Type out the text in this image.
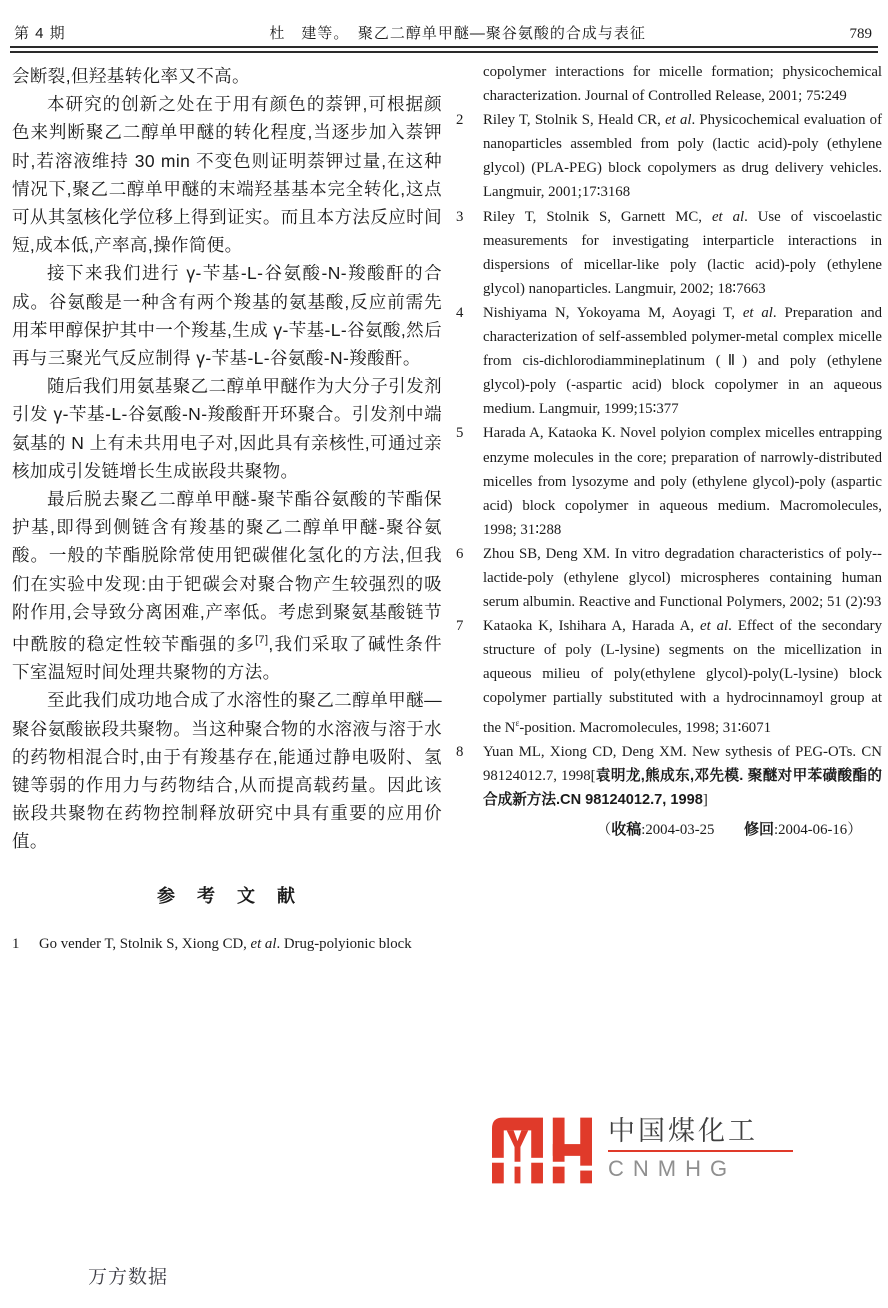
第 4 期	杜　建等。　聚乙二醇单甲醚—聚谷氨酸的合成与表征	789
会断裂,但羟基转化率又不高。
本研究的创新之处在于用有颜色的萘钾,可根据颜色来判断聚乙二醇单甲醚的转化程度,当逐步加入萘钾时,若溶液维持 30 min 不变色则证明萘钾过量,在这种情况下,聚乙二醇单甲醚的末端羟基基本完全转化,这点可从其氢核化学位移上得到证实。而且本方法反应时间短,成本低,产率高,操作简便。
接下来我们进行 γ-苄基-L-谷氨酸-N-羧酸酐的合成。谷氨酸是一种含有两个羧基的氨基酸,反应前需先用苯甲醇保护其中一个羧基,生成 γ-苄基-L-谷氨酸,然后再与三聚光气反应制得 γ-苄基-L-谷氨酸-N-羧酸酐。
随后我们用氨基聚乙二醇单甲醚作为大分子引发剂引发 γ-苄基-L-谷氨酸-N-羧酸酐开环聚合。引发剂中端氨基的 N 上有未共用电子对,因此具有亲核性,可通过亲核加成引发链增长生成嵌段共聚物。
最后脱去聚乙二醇单甲醚-聚苄酯谷氨酸的苄酯保护基,即得到侧链含有羧基的聚乙二醇单甲醚-聚谷氨酸。一般的苄酯脱除常使用钯碳催化氢化的方法,但我们在实验中发现:由于钯碳会对聚合物产生较强烈的吸附作用,会导致分离困难,产率低。考虑到聚氨基酸链节中酰胺的稳定性较苄酯强的多[7],我们采取了碱性条件下室温短时间处理共聚物的方法。
至此我们成功地合成了水溶性的聚乙二醇单甲醚—聚谷氨酸嵌段共聚物。当这种聚合物的水溶液与溶于水的药物相混合时,由于有羧基存在,能通过静电吸附、氢键等弱的作用力与药物结合,从而提高载药量。因此该嵌段共聚物在药物控制释放研究中具有重要的应用价值。
参　考　文　献
1	Go vender T, Stolnik S, Xiong CD, et al. Drug-polyionic block
copolymer interactions for micelle formation; physicochemical characterization. Journal of Controlled Release, 2001; 75∶249
2	Riley T, Stolnik S, Heald CR, et al. Physicochemical evaluation of nanoparticles assembled from poly (lactic acid)-poly (ethylene glycol) (PLA-PEG) block copolymers as drug delivery vehicles. Langmuir, 2001;17∶3168
3	Riley T, Stolnik S, Garnett MC, et al. Use of viscoelastic measurements for investigating interparticle interactions in dispersions of micellar-like poly (lactic acid)-poly (ethylene glycol) nanoparticles. Langmuir, 2002; 18∶7663
4	Nishiyama N, Yokoyama M, Aoyagi T, et al. Preparation and characterization of self-assembled polymer-metal complex micelle from cis-dichlorodiammineplatinum (Ⅱ) and poly (ethylene glycol)-poly (-aspartic acid) block copolymer in an aqueous medium. Langmuir, 1999;15∶377
5	Harada A, Kataoka K. Novel polyion complex micelles entrapping enzyme molecules in the core; preparation of narrowly-distributed micelles from lysozyme and poly (ethylene glycol)-poly (aspartic acid) block copolymer in aqueous medium. Macromolecules, 1998; 31∶288
6	Zhou SB, Deng XM. In vitro degradation characteristics of poly--lactide-poly (ethylene glycol) microspheres containing human serum albumin. Reactive and Functional Polymers, 2002; 51 (2)∶93
7	Kataoka K, Ishihara A, Harada A, et al. Effect of the secondary structure of poly (L-lysine) segments on the micellization in aqueous milieu of poly(ethylene glycol)-poly(L-lysine) block copolymer partially substituted with a hydrocinnamoyl group at the $N^\varepsilon$-position. Macromolecules, 1998; 31∶6071
8	Yuan ML, Xiong CD, Deng XM. New sythesis of PEG-OTs. CN 98124012.7, 1998[袁明龙,熊成东,邓先模. 聚醚对甲苯磺酸酯的合成新方法.CN 98124012.7, 1998]
（收稿:2004-03-25　　 修回:2004-06-16）
中国煤化工
CNMHG
万方数据
